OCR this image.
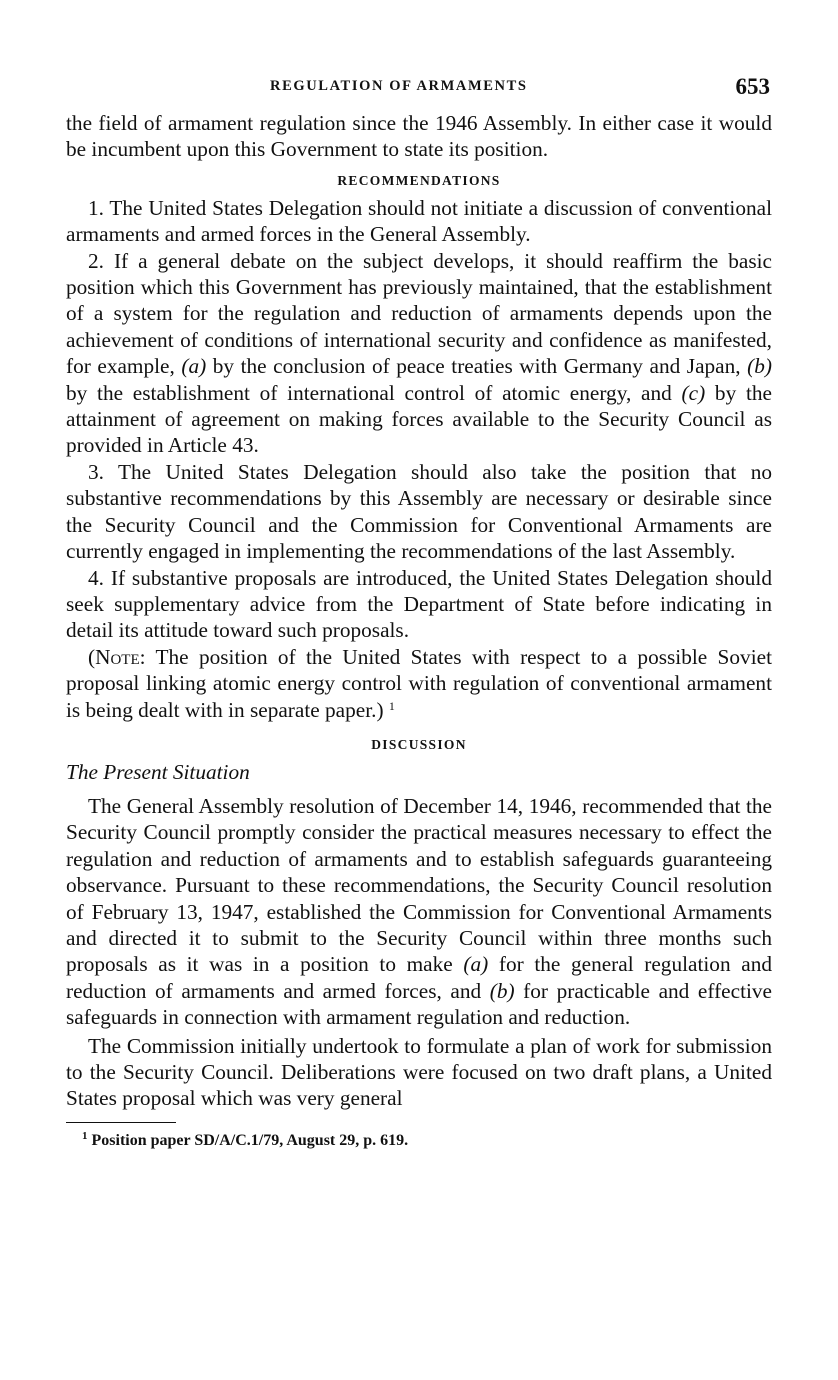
REGULATION OF ARMAMENTS	653

the field of armament regulation since the 1946 Assembly. In either case it would be incumbent upon this Government to state its position.

RECOMMENDATIONS

1. The United States Delegation should not initiate a discussion of conventional armaments and armed forces in the General Assembly.

2. If a general debate on the subject develops, it should reaffirm the basic position which this Government has previously maintained, that the establishment of a system for the regulation and reduction of armaments depends upon the achievement of conditions of international security and confidence as manifested, for example, (a) by the conclusion of peace treaties with Germany and Japan, (b) by the establishment of international control of atomic energy, and (c) by the attainment of agreement on making forces available to the Security Council as provided in Article 43.

3. The United States Delegation should also take the position that no substantive recommendations by this Assembly are necessary or desirable since the Security Council and the Commission for Conventional Armaments are currently engaged in implementing the recommendations of the last Assembly.

4. If substantive proposals are introduced, the United States Delegation should seek supplementary advice from the Department of State before indicating in detail its attitude toward such proposals.

(Note: The position of the United States with respect to a possible Soviet proposal linking atomic energy control with regulation of conventional armament is being dealt with in separate paper.) $^1$

DISCUSSION
The Present Situation

The General Assembly resolution of December 14, 1946, recommended that the Security Council promptly consider the practical measures necessary to effect the regulation and reduction of armaments and to establish safeguards guaranteeing observance. Pursuant to these recommendations, the Security Council resolution of February 13, 1947, established the Commission for Conventional Armaments and directed it to submit to the Security Council within three months such proposals as it was in a position to make (a) for the general regulation and reduction of armaments and armed forces, and (b) for practicable and effective safeguards in connection with armament regulation and reduction.

The Commission initially undertook to formulate a plan of work for submission to the Security Council. Deliberations were focused on two draft plans, a United States proposal which was very general

$^1$ Position paper SD/A/C.1/79, August 29, p. 619.
